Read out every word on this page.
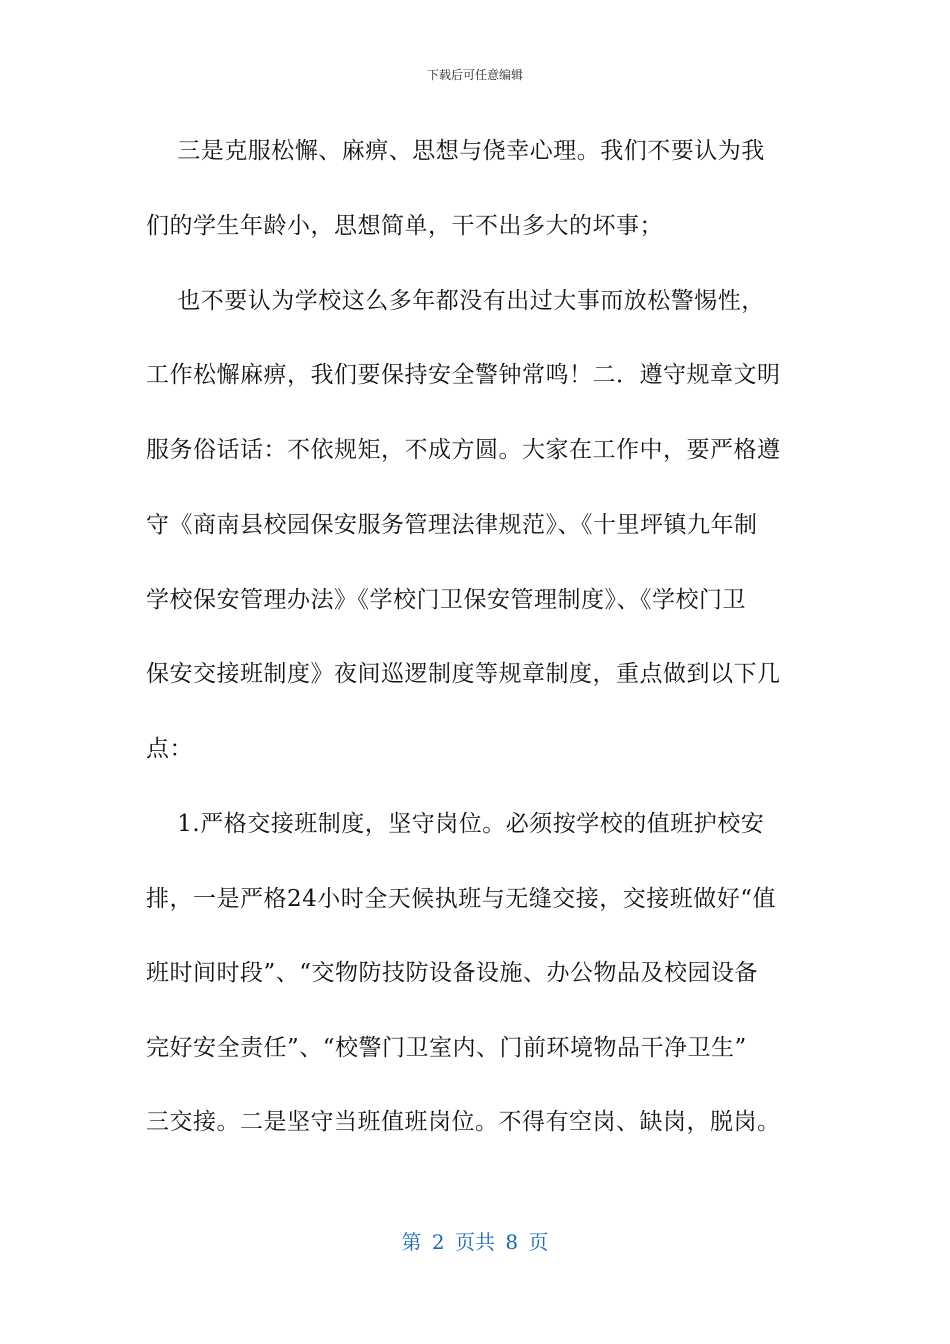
下载后可任意编辑
三是克服松懈、麻痹、思想与侥幸心理。我们不要认为我
们的学生年龄小，思想简单，干不出多大的坏事；
也不要认为学校这么多年都没有出过大事而放松警惕性，
工作松懈麻痹，我们要保持安全警钟常鸣！二．遵守规章文明
服务俗话话：不依规矩，不成方圆。大家在工作中，要严格遵
守《商南县校园保安服务管理法律规范》、《十里坪镇九年制
学校保安管理办法》《学校门卫保安管理制度》、《学校门卫
保安交接班制度》夜间巡逻制度等规章制度，重点做到以下几
点：
1.严格交接班制度，坚守岗位。必须按学校的值班护校安
排，一是严格24小时全天候执班与无缝交接，交接班做好“值
班时间时段”、“交物防技防设备设施、办公物品及校园设备
完好安全责任”、“校警门卫室内、门前环境物品干净卫生”
三交接。二是坚守当班值班岗位。不得有空岗、缺岗，脱岗。
第 2 页共 8 页
